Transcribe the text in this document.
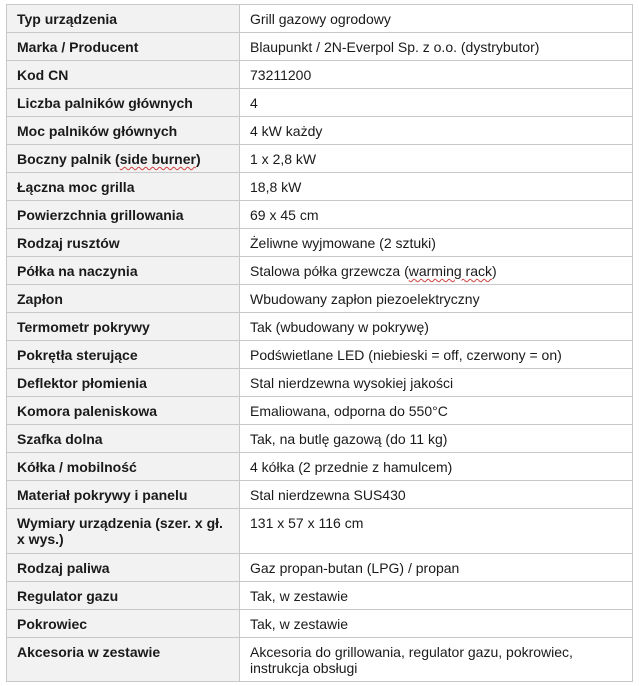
Typ urządzenia	Grill gazowy ogrodowy
Marka / Producent	Blaupunkt / 2N-Everpol Sp. z o.o. (dystrybutor)
Kod CN	73211200
Liczba palników głównych	4
Moc palników głównych	4 kW każdy
Boczny palnik (side burner)	1 x 2,8 kW
Łączna moc grilla	18,8 kW
Powierzchnia grillowania	69 x 45 cm
Rodzaj rusztów	Żeliwne wyjmowane (2 sztuki)
Półka na naczynia	Stalowa półka grzewcza (warming rack)
Zapłon	Wbudowany zapłon piezoelektryczny
Termometr pokrywy	Tak (wbudowany w pokrywę)
Pokrętła sterujące	Podświetlane LED (niebieski = off, czerwony = on)
Deflektor płomienia	Stal nierdzewna wysokiej jakości
Komora paleniskowa	Emaliowana, odporna do 550°C
Szafka dolna	Tak, na butlę gazową (do 11 kg)
Kółka / mobilność	4 kółka (2 przednie z hamulcem)
Materiał pokrywy i panelu	Stal nierdzewna SUS430
Wymiary urządzenia (szer. x gł. x wys.)	131 x 57 x 116 cm
Rodzaj paliwa	Gaz propan-butan (LPG) / propan
Regulator gazu	Tak, w zestawie
Pokrowiec	Tak, w zestawie
Akcesoria w zestawie	Akcesoria do grillowania, regulator gazu, pokrowiec, instrukcja obsługi
